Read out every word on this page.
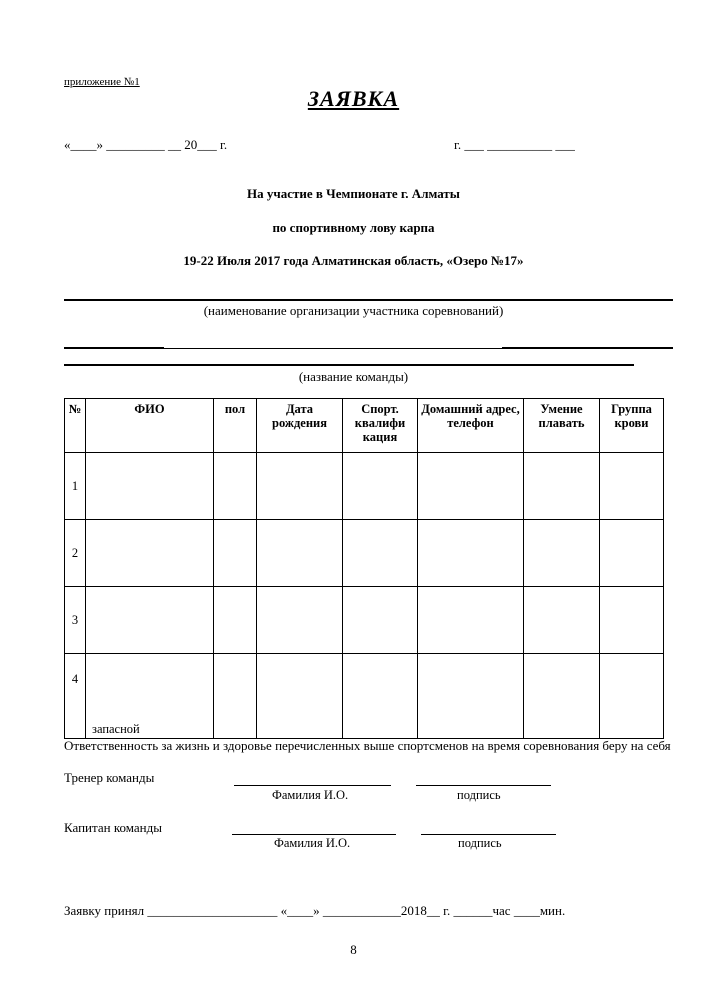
приложение №1
ЗАЯВКА
«____» _________ __ 20___ г.	г. ___ __________ ___
На участие в Чемпионате г. Алматы
по спортивному лову карпа
19-22 Июля 2017 года Алматинская область, «Озеро №17»
(наименование организации участника соревнований)
(название команды)
№	ФИО	пол	Дата рождения	Спорт. квалифи кация	Домашний адрес, телефон	Умение плавать	Группа крови
1							
2							
3							
4	запасной						

Ответственность за жизнь и здоровье перечисленных выше спортсменов на время соревнования беру на себя
Тренер команды
Фамилия И.О.	подпись
Капитан команды
Фамилия И.О.	подпись
Заявку принял ____________________ «____» ____________2018__ г. ______час ____мин.
8
